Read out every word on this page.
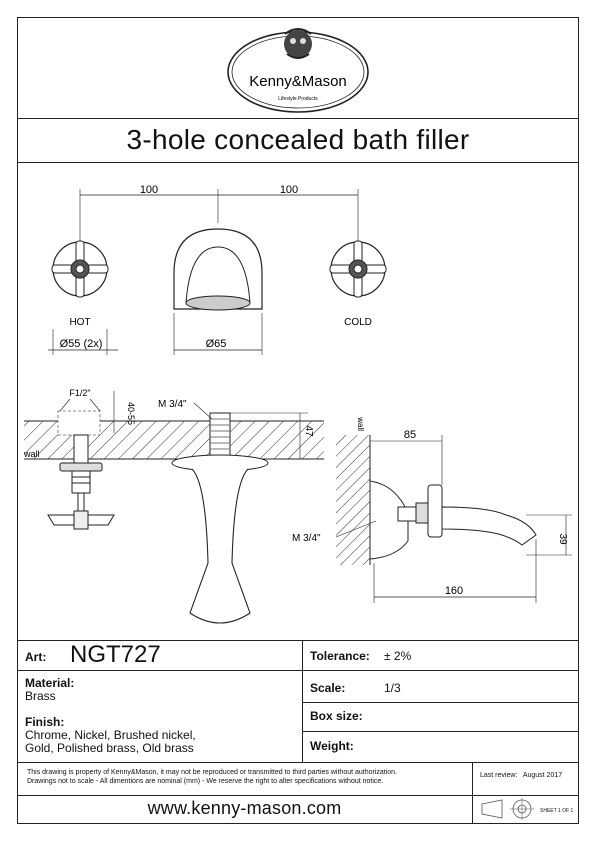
Kenny&Mason
Lifestyle Products
3-hole concealed bath filler
100	100
HOT	COLD
Ø55 (2x)	Ø65
wall
F1/2"
40-55 M 3/4"
47	wall
85
M 3/4"	39
160
Art: NGT727	Tolerance: ± 2%
Material:
Brass
Scale:	1/3
Box size:
Finish:
Chrome, Nickel, Brushed nickel,
Gold, Polished brass, Old brass	Weight:
This drawing is property of Kenny&Mason, it may not be reproduced or transmitted to third parties without authorization.
Drawings not to scale - All dimentions are nominal (mm) - We reserve the right to alter specifications without notice.
Last review: August 2017
www.kenny-mason.com	SHEET 1 OF 1
